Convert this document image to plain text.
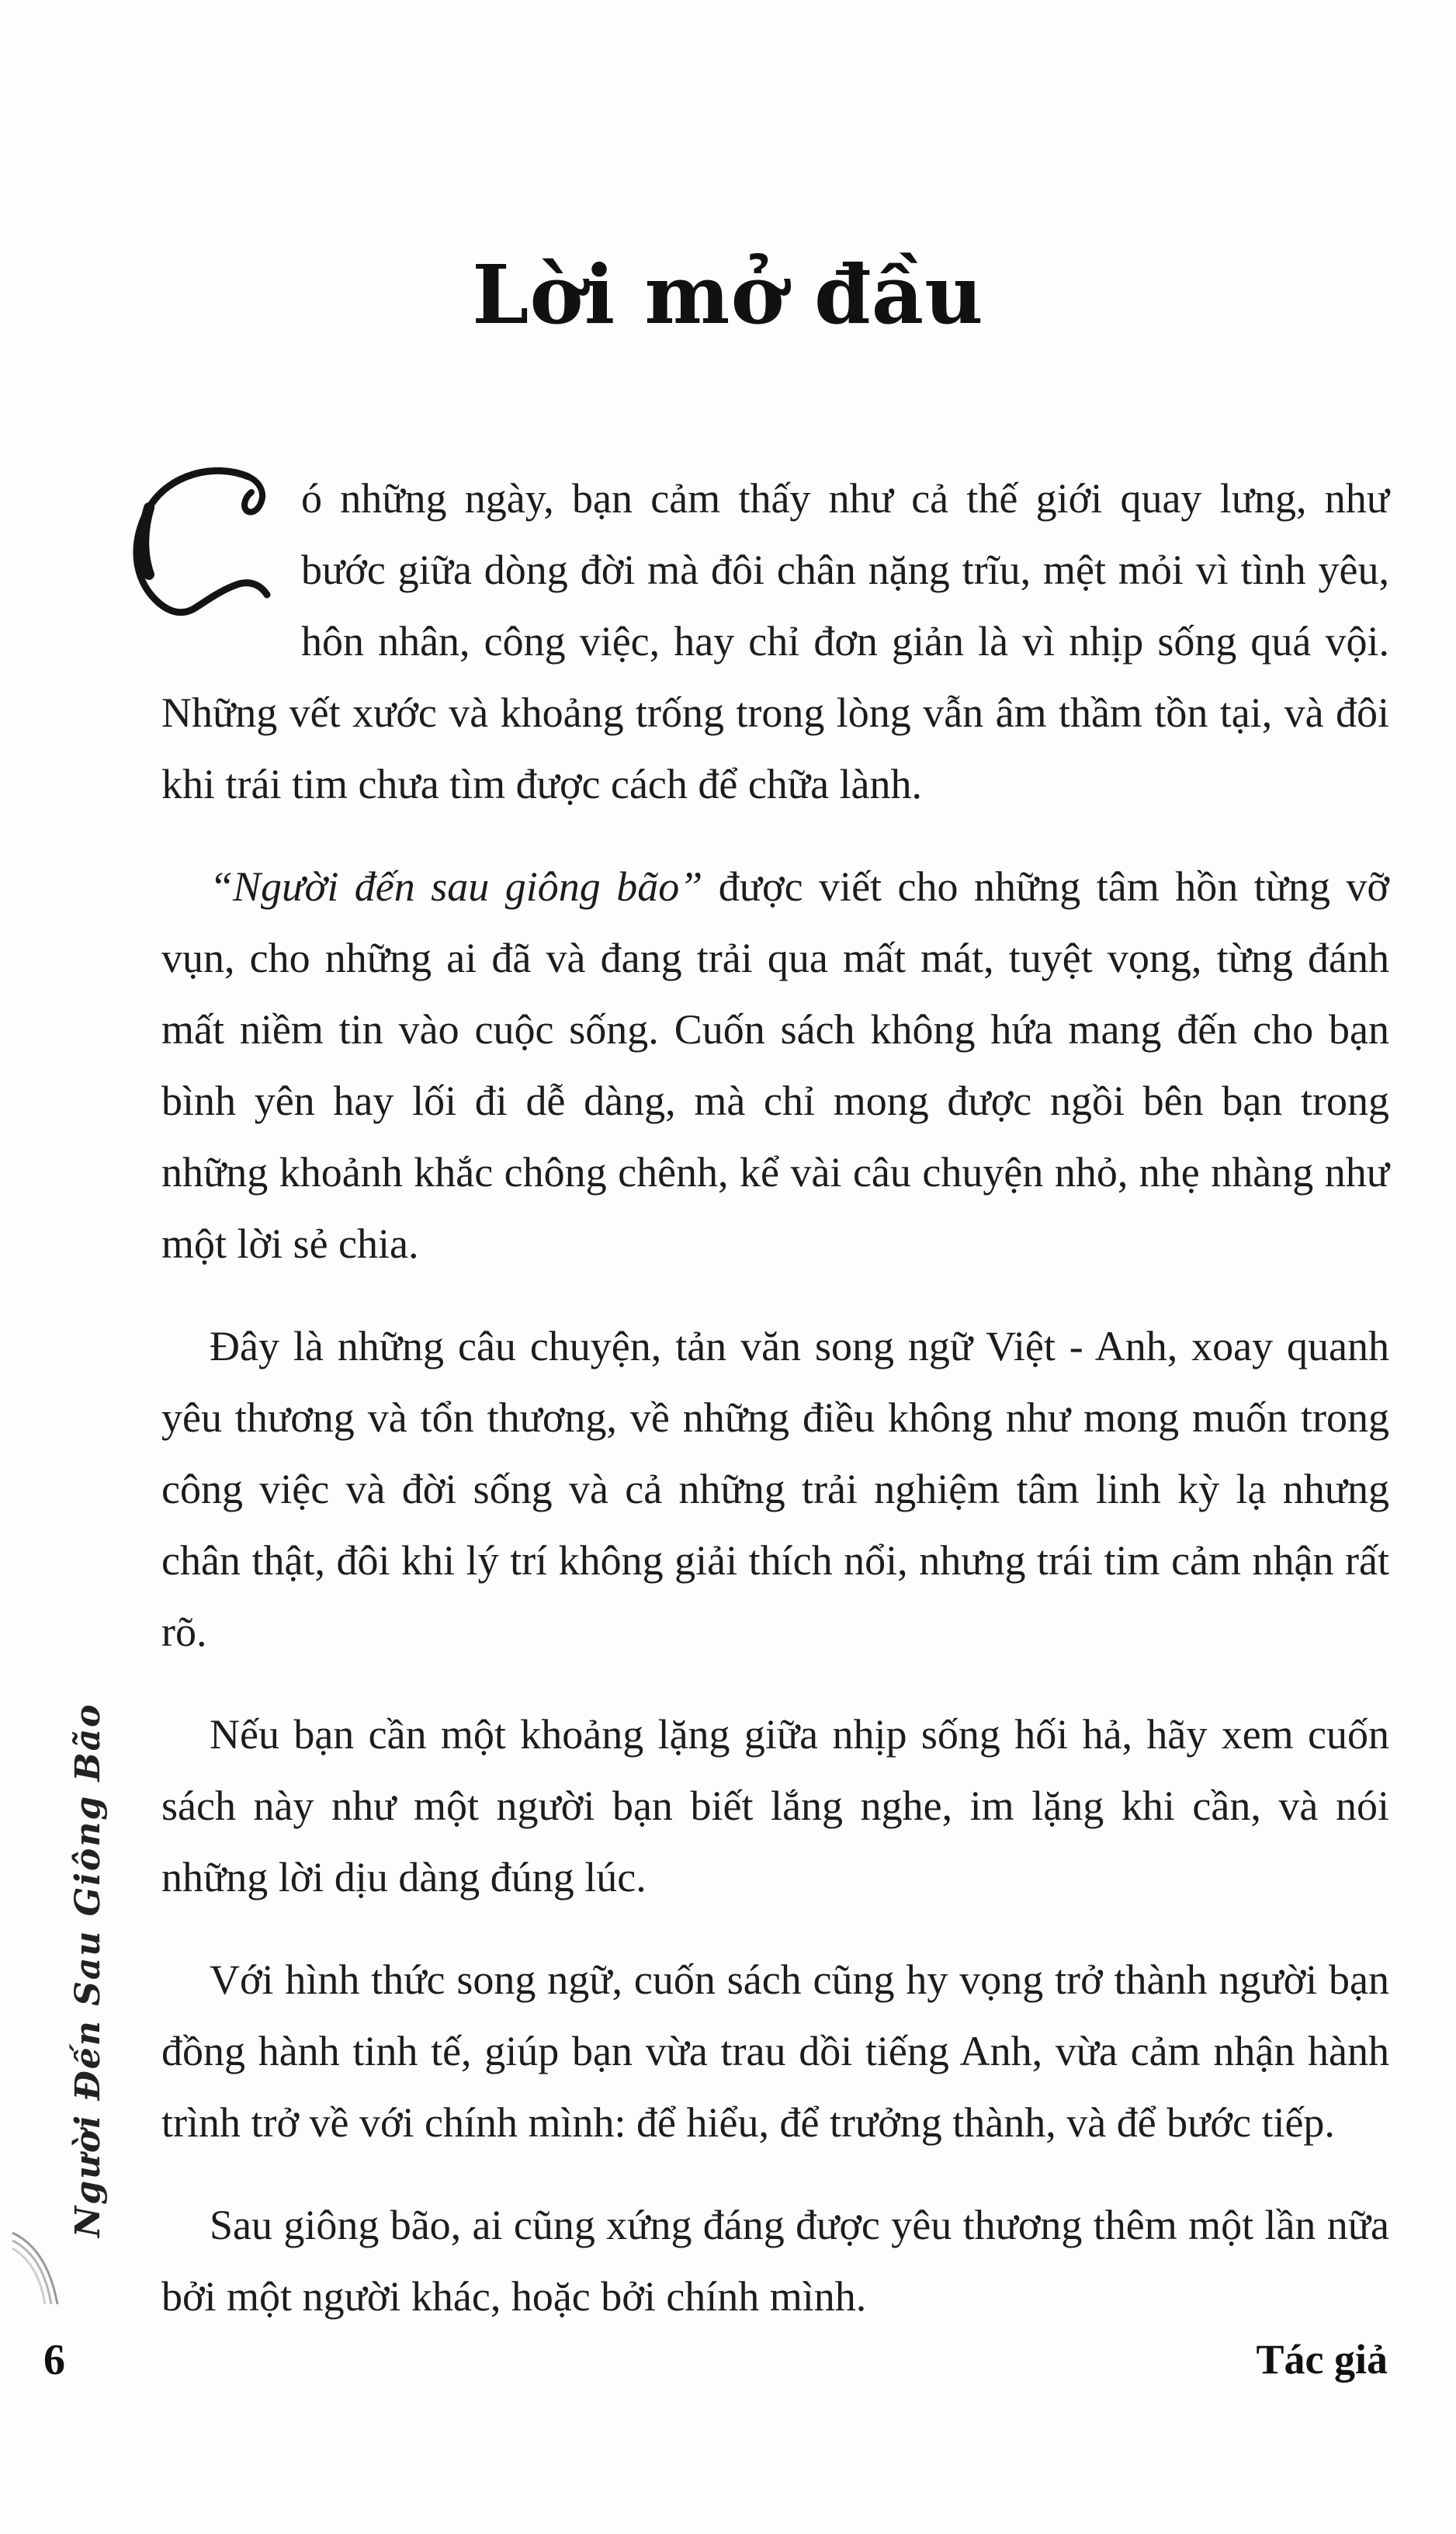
Lời mở đầu

ó những ngày, bạn cảm thấy như cả thế giới quay lưng, như bước giữa dòng đời mà đôi chân nặng trĩu, mệt mỏi vì tình yêu, hôn nhân, công việc, hay chỉ đơn giản là vì nhịp sống quá vội. Những vết xước và khoảng trống trong lòng vẫn âm thầm tồn tại, và đôi khi trái tim chưa tìm được cách để chữa lành.

“Người đến sau giông bão” được viết cho những tâm hồn từng vỡ vụn, cho những ai đã và đang trải qua mất mát, tuyệt vọng, từng đánh mất niềm tin vào cuộc sống. Cuốn sách không hứa mang đến cho bạn bình yên hay lối đi dễ dàng, mà chỉ mong được ngồi bên bạn trong những khoảnh khắc chông chênh, kể vài câu chuyện nhỏ, nhẹ nhàng như một lời sẻ chia.

Đây là những câu chuyện, tản văn song ngữ Việt - Anh, xoay quanh yêu thương và tổn thương, về những điều không như mong muốn trong công việc và đời sống và cả những trải nghiệm tâm linh kỳ lạ nhưng chân thật, đôi khi lý trí không giải thích nổi, nhưng trái tim cảm nhận rất rõ.

Nếu bạn cần một khoảng lặng giữa nhịp sống hối hả, hãy xem cuốn sách này như một người bạn biết lắng nghe, im lặng khi cần, và nói những lời dịu dàng đúng lúc.

Với hình thức song ngữ, cuốn sách cũng hy vọng trở thành người bạn đồng hành tinh tế, giúp bạn vừa trau dồi tiếng Anh, vừa cảm nhận hành trình trở về với chính mình: để hiểu, để trưởng thành, và để bước tiếp.

Sau giông bão, ai cũng xứng đáng được yêu thương thêm một lần nữa bởi một người khác, hoặc bởi chính mình.

Người Đến Sau Giông Bão
6	Tác giả
